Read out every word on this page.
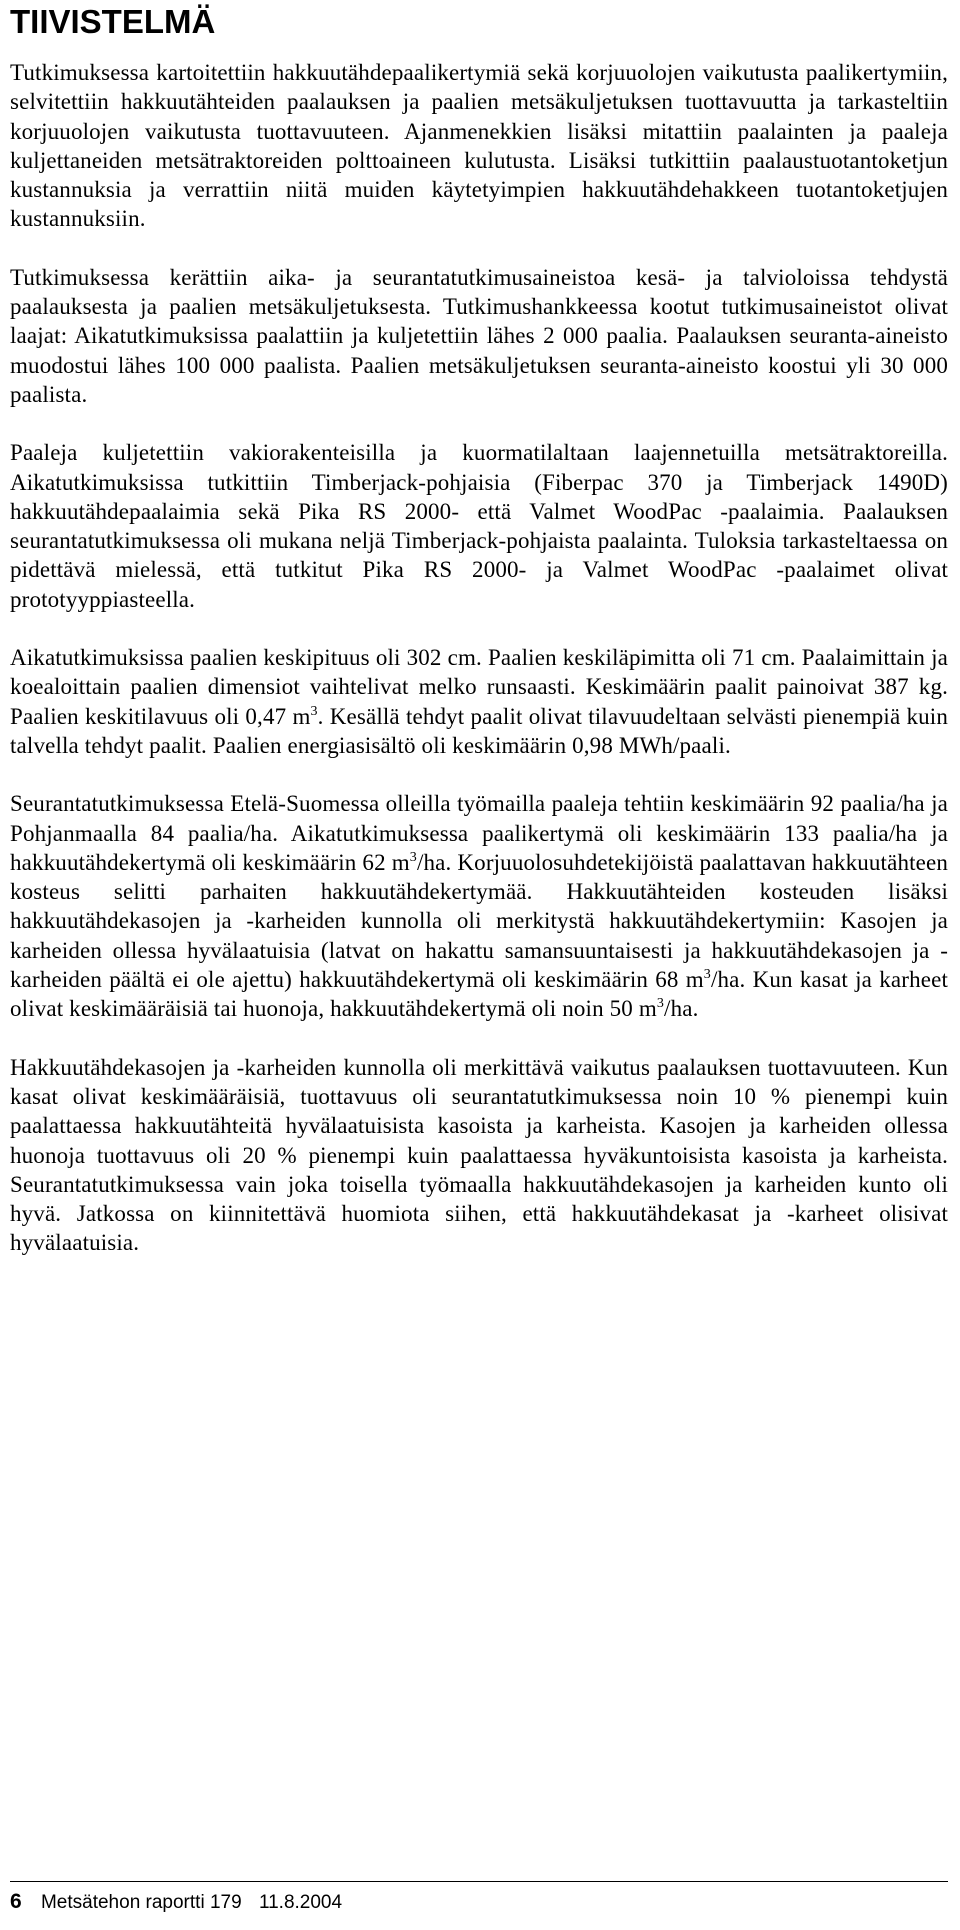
TIIVISTELMÄ

Tutkimuksessa kartoitettiin hakkuutähdepaalikertymiä sekä korjuuolojen vaikutusta paalikertymiin, selvitettiin hakkuutähteiden paalauksen ja paalien metsäkuljetuksen tuottavuutta ja tarkasteltiin korjuuolojen vaikutusta tuottavuuteen. Ajanmenekkien lisäksi mitattiin paalainten ja paaleja kuljettaneiden metsätraktoreiden polttoaineen kulutusta. Lisäksi tutkittiin paalaustuotantoketjun kustannuksia ja verrattiin niitä muiden käytetyimpien hakkuutähdehakkeen tuotantoketjujen kustannuksiin.

Tutkimuksessa kerättiin aika- ja seurantatutkimusaineistoa kesä- ja talvioloissa tehdystä paalauksesta ja paalien metsäkuljetuksesta. Tutkimushankkeessa kootut tutkimusaineistot olivat laajat: Aikatutkimuksissa paalattiin ja kuljetettiin lähes 2 000 paalia. Paalauksen seuranta-aineisto muodostui lähes 100 000 paalista. Paalien metsäkuljetuksen seuranta-aineisto koostui yli 30 000 paalista.

Paaleja kuljetettiin vakiorakenteisilla ja kuormatilaltaan laajennetuilla metsätraktoreilla. Aikatutkimuksissa tutkittiin Timberjack-pohjaisia (Fiberpac 370 ja Timberjack 1490D) hakkuutähdepaalaimia sekä Pika RS 2000- että Valmet WoodPac -paalaimia. Paalauksen seurantatutkimuksessa oli mukana neljä Timberjack-pohjaista paalainta. Tuloksia tarkasteltaessa on pidettävä mielessä, että tutkitut Pika RS 2000- ja Valmet WoodPac -paalaimet olivat prototyyppiasteella.

Aikatutkimuksissa paalien keskipituus oli 302 cm. Paalien keskiläpimitta oli 71 cm. Paalaimittain ja koealoittain paalien dimensiot vaihtelivat melko runsaasti. Keskimäärin paalit painoivat 387 kg. Paalien keskitilavuus oli 0,47 $m^3$. Kesällä tehdyt paalit olivat tilavuudeltaan selvästi pienempiä kuin talvella tehdyt paalit. Paalien energiasisältö oli keskimäärin 0,98 MWh/paali.

Seurantatutkimuksessa Etelä-Suomessa olleilla työmailla paaleja tehtiin keskimäärin 92 paalia/ha ja Pohjanmaalla 84 paalia/ha. Aikatutkimuksessa paalikertymä oli keskimäärin 133 paalia/ha ja hakkuutähdekertymä oli keskimäärin 62 $m^3/ha$. Korjuuolosuhdetekijöistä paalattavan hakkuutähteen kosteus selitti parhaiten hakkuutähdekertymää. Hakkuutähteiden kosteuden lisäksi hakkuutähdekasojen ja -karheiden kunnolla oli merkitystä hakkuutähdekertymiin: Kasojen ja karheiden ollessa hyvälaatuisia (latvat on hakattu samansuuntaisesti ja hakkuutähdekasojen ja -karheiden päältä ei ole ajettu) hakkuutähdekertymä oli keskimäärin 68 $m^3/ha$. Kun kasat ja karheet olivat keskimääräisiä tai huonoja, hakkuutähdekertymä oli noin 50 $m^3/ha$.

Hakkuutähdekasojen ja -karheiden kunnolla oli merkittävä vaikutus paalauksen tuottavuuteen. Kun kasat olivat keskimääräisiä, tuottavuus oli seurantatutkimuksessa noin 10 % pienempi kuin paalattaessa hakkuutähteitä hyvälaatuisista kasoista ja karheista. Kasojen ja karheiden ollessa huonoja tuottavuus oli 20 % pienempi kuin paalattaessa hyväkuntoisista kasoista ja karheista. Seurantatutkimuksessa vain joka toisella työmaalla hakkuutähdekasojen ja karheiden kunto oli hyvä. Jatkossa on kiinnitettävä huomiota siihen, että hakkuutähdekasat ja -karheet olisivat hyvälaatuisia.

6 Metsätehon raportti 179 11.8.2004
